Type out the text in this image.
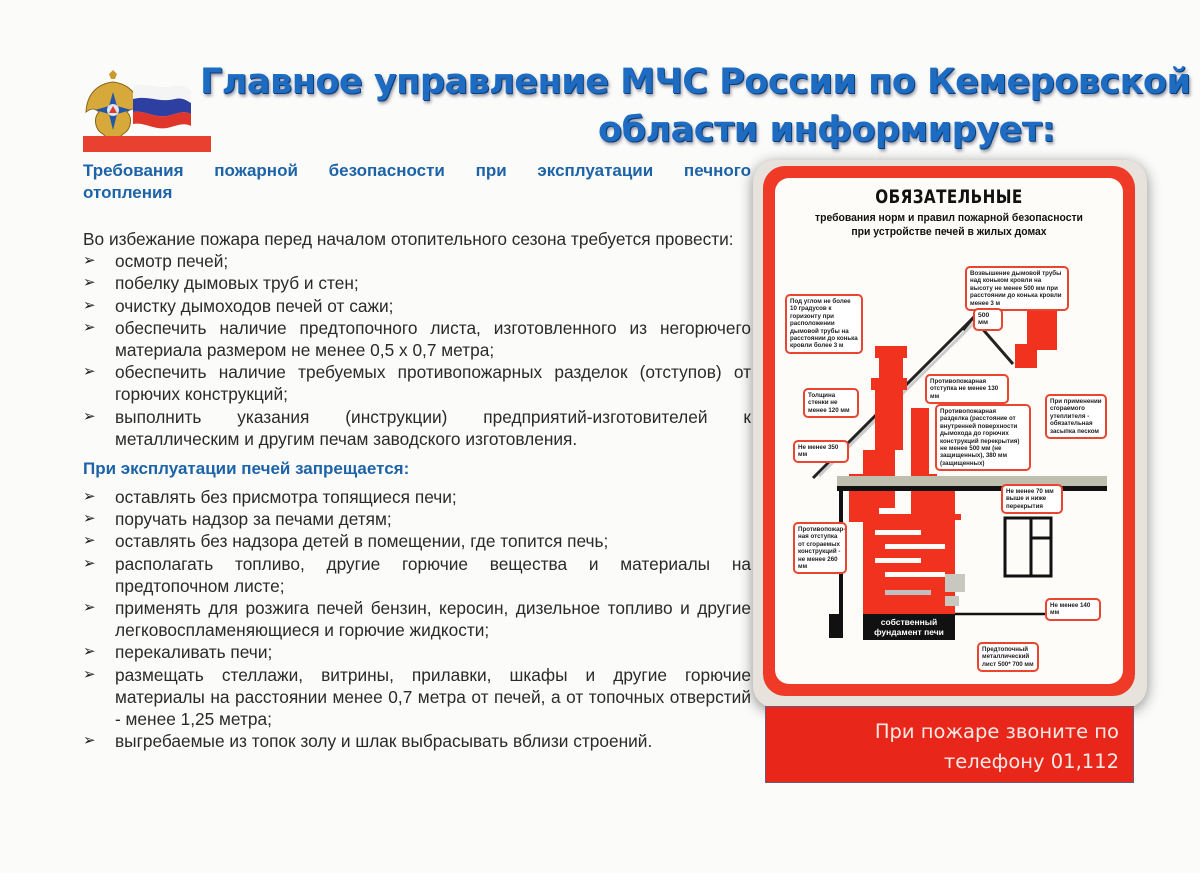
Главное управление МЧС России по Кемеровской
области информирует:
Требования пожарной безопасности при эксплуатации печного
отопления
Во избежание пожара перед началом отопительного сезона требуется провести:
➢ осмотр печей;
➢ побелку дымовых труб и стен;
➢ очистку дымоходов печей от сажи;
➢ обеспечить наличие предтопочного листа, изготовленного из негорючего материала размером не менее 0,5 х 0,7 метра;
➢ обеспечить наличие требуемых противопожарных разделок (отступов) от горючих конструкций;
➢ выполнить указания (инструкции) предприятий-изготовителей к металлическим и другим печам заводского изготовления.
При эксплуатации печей запрещается:
➢ оставлять без присмотра топящиеся печи;
➢ поручать надзор за печами детям;
➢ оставлять без надзора детей в помещении, где топится печь;
➢ располагать топливо, другие горючие вещества и материалы на предтопочном листе;
➢ применять для розжига печей бензин, керосин, дизельное топливо и другие легковоспламеняющиеся и горючие жидкости;
➢ перекаливать печи;
➢ размещать стеллажи, витрины, прилавки, шкафы и другие горючие материалы на расстоянии менее 0,7 метра от печей, а от топочных отверстий - менее 1,25 метра;
➢ выгребаемые из топок золу и шлак выбрасывать вблизи строений.
ОБЯЗАТЕЛЬНЫЕ
требования норм и правил пожарной безопасности
при устройстве печей в жилых домах
собственный
фундамент печи
Возвышение дымовой трубы над коньком кровли на высоту не менее 500 мм при расстоянии до конька кровли менее 3 м
Под углом не более 10 градусов к горизонту при расположении дымовой трубы на расстоянии до конька кровли более 3 м
500 мм
Противопожарная отступка не менее 130 мм
Толщина стенки не менее 120 мм	Противопожарная разделка (расстояние от внутренней поверхности дымохода до горючих конструкций перекрытия) не менее 500 мм (не защищенных), 380 мм (защищенных)
При применении сгораемого утеплителя - обязательная засыпка песком
Не менее 350 мм
Не менее 70 мм выше и ниже перекрытия
Противопожар-ная отступка от сгораемых конструкций - не менее 260 мм
Не менее 140 мм
Предтопочный металлический лист 500* 700 мм
При пожаре звоните по
телефону 01,112
